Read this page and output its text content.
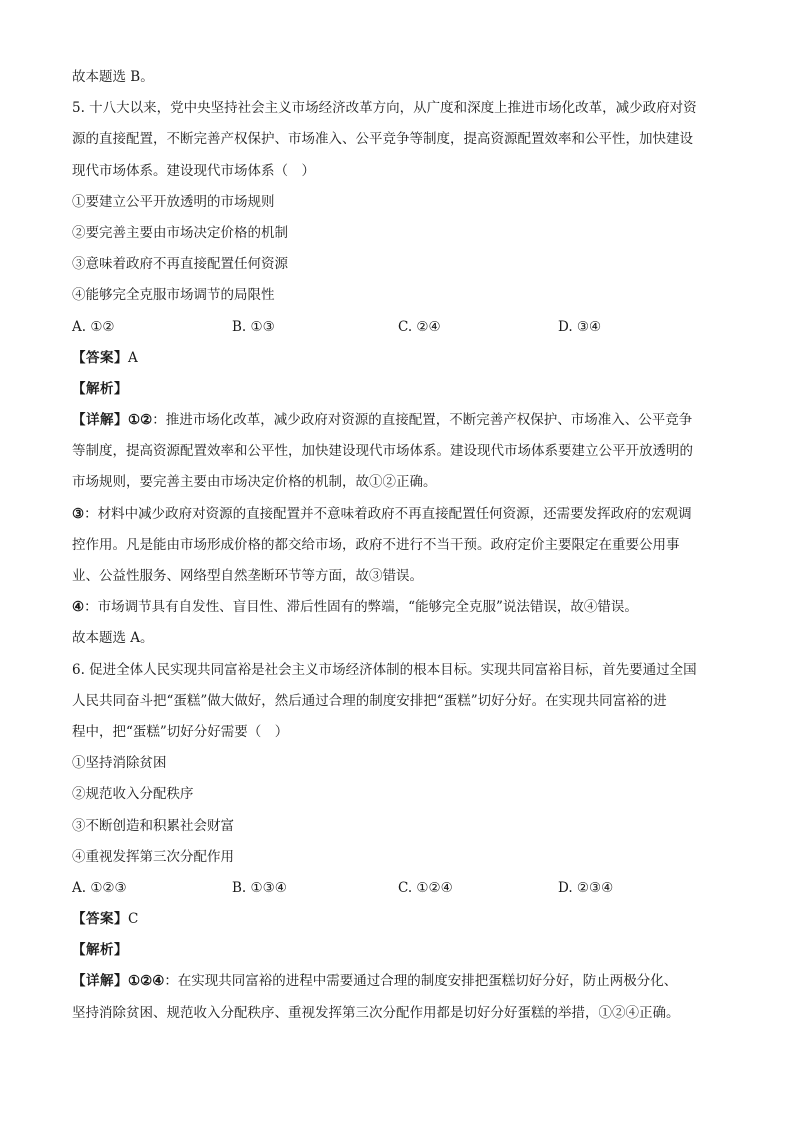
故本题选 B。
5. 十八大以来，党中央坚持社会主义市场经济改革方向，从广度和深度上推进市场化改革，减少政府对资
源的直接配置，不断完善产权保护、市场准入、公平竞争等制度，提高资源配置效率和公平性，加快建设
现代市场体系。建设现代市场体系（　）
①要建立公平开放透明的市场规则
②要完善主要由市场决定价格的机制
③意味着政府不再直接配置任何资源
④能够完全克服市场调节的局限性
A. ①②	B. ①③	C. ②④	D. ③④
【答案】A
【解析】
【详解】①②：推进市场化改革，减少政府对资源的直接配置，不断完善产权保护、市场准入、公平竞争
等制度，提高资源配置效率和公平性，加快建设现代市场体系。建设现代市场体系要建立公平开放透明的
市场规则，要完善主要由市场决定价格的机制，故①②正确。
③：材料中减少政府对资源的直接配置并不意味着政府不再直接配置任何资源，还需要发挥政府的宏观调
控作用。凡是能由市场形成价格的都交给市场，政府不进行不当干预。政府定价主要限定在重要公用事
业、公益性服务、网络型自然垄断环节等方面，故③错误。
④：市场调节具有自发性、盲目性、滞后性固有的弊端，“能够完全克服”说法错误，故④错误。
故本题选 A。
6. 促进全体人民实现共同富裕是社会主义市场经济体制的根本目标。实现共同富裕目标，首先要通过全国
人民共同奋斗把“蛋糕”做大做好，然后通过合理的制度安排把“蛋糕”切好分好。在实现共同富裕的进
程中，把“蛋糕”切好分好需要（　）
①坚持消除贫困
②规范收入分配秩序
③不断创造和积累社会财富
④重视发挥第三次分配作用
A. ①②③	B. ①③④	C. ①②④	D. ②③④
【答案】C
【解析】
【详解】①②④：在实现共同富裕的进程中需要通过合理的制度安排把蛋糕切好分好，防止两极分化、
坚持消除贫困、规范收入分配秩序、重视发挥第三次分配作用都是切好分好蛋糕的举措，①②④正确。
